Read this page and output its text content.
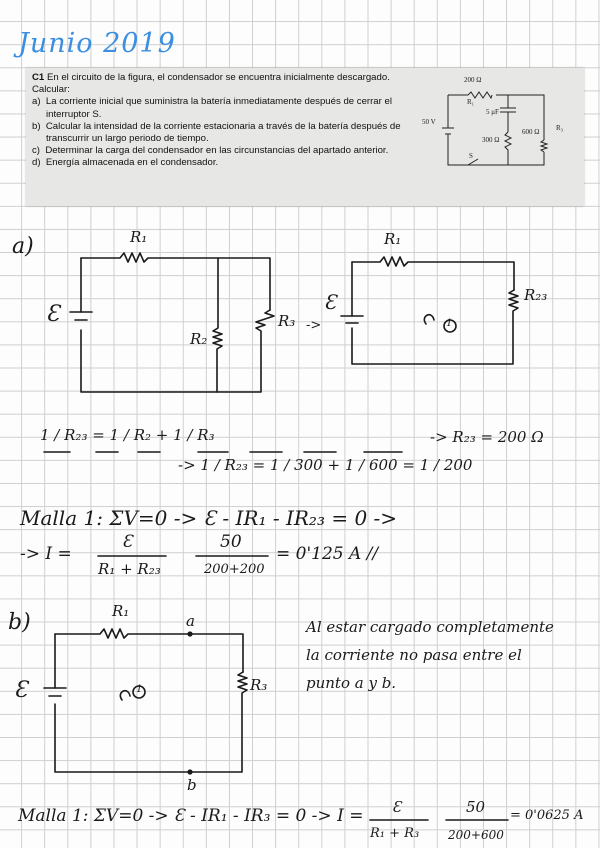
Junio 2019
C1 En el circuito de la figura, el condensador se encuentra inicialmente descargado. Calcular:
a) La corriente inicial que suministra la batería inmediatamente después de cerrar el interruptor S.
b) Calcular la intensidad de la corriente estacionaria a través de la batería después de transcurrir un largo periodo de tiempo.
c) Determinar la carga del condensador en las circunstancias del apartado anterior.
d) Energía almacenada en el condensador.
200 Ω
R₁
50 V
5 μF
300 Ω
600 Ω R₃
S
a)	R₁
R₂
R₃
Ɛ	->
R₁
R₂₃
Ɛ
1
1 / R₂₃ = 1 / R₂ + 1 / R₃
-> 1 / R₂₃ = 1 / 300 + 1 / 600 = 1 / 200
-> R₂₃ = 200 Ω
Malla 1: ΣV=0 -> Ɛ - IR₁ - IR₂₃ = 0 ->
-> I =
Ɛ
R₁ + R₂₃
50
200+200
= 0'125 A //
b)	R₁
R₃
Ɛ	1
a
b
Al estar cargado completamente
la corriente no pasa entre el
punto a y b.
Malla 1: ΣV=0 -> Ɛ - IR₁ - IR₃ = 0 -> I = Ɛ
R₁ + R₃
50
200+600
= 0'0625 A
